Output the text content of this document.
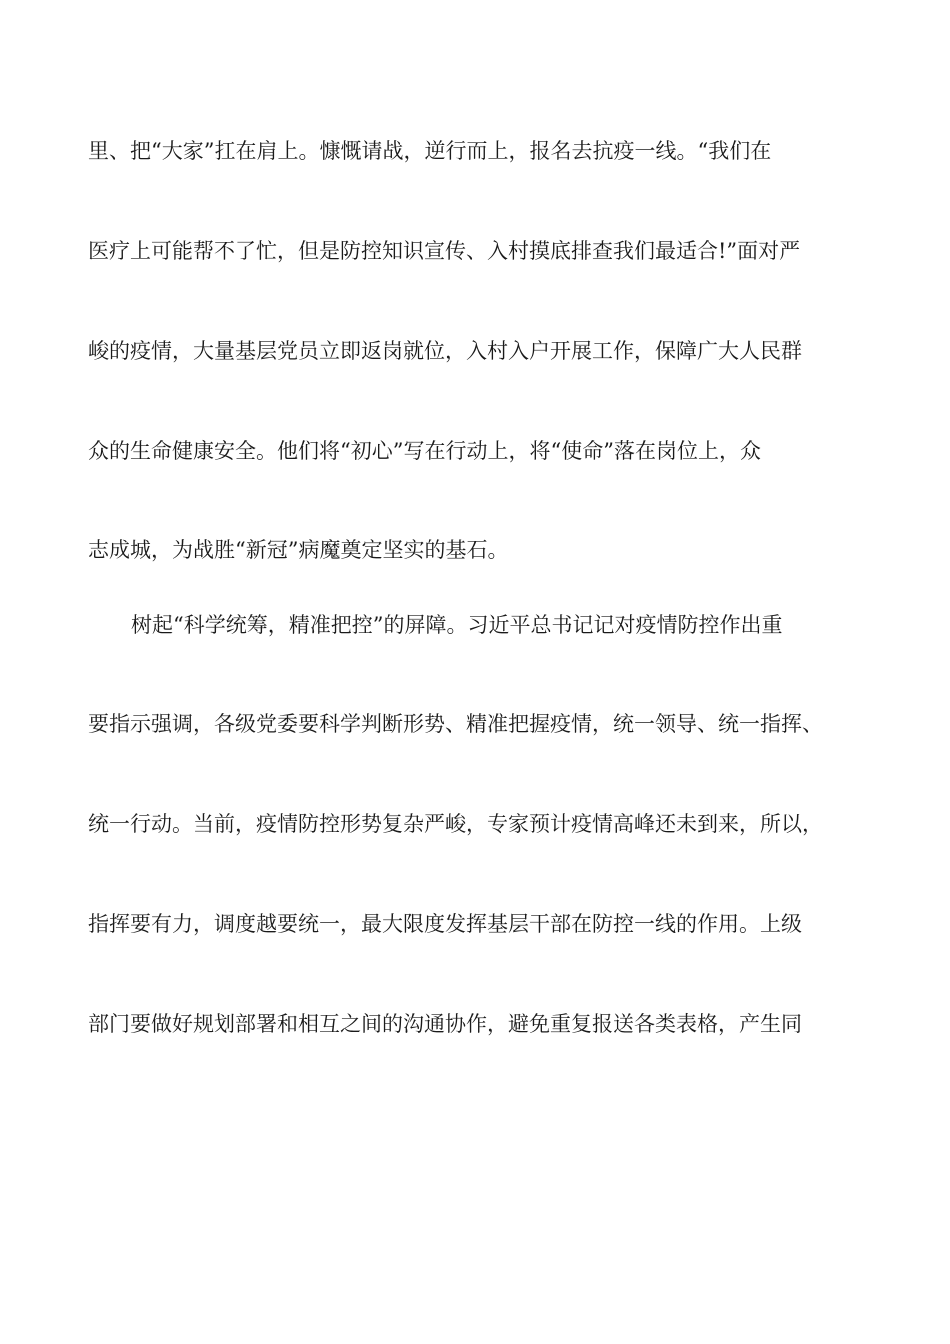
里、把“大家”扛在肩上。慷慨请战，逆行而上，报名去抗疫一线。“我们在
医疗上可能帮不了忙，但是防控知识宣传、入村摸底排查我们最适合!”面对严
峻的疫情，大量基层党员立即返岗就位，入村入户开展工作，保障广大人民群
众的生命健康安全。他们将“初心”写在行动上，将“使命”落在岗位上，众
志成城，为战胜“新冠”病魔奠定坚实的基石。
树起“科学统筹，精准把控”的屏障。习近平总书记记对疫情防控作出重
要指示强调，各级党委要科学判断形势、精准把握疫情，统一领导、统一指挥、
统一行动。当前，疫情防控形势复杂严峻，专家预计疫情高峰还未到来，所以，
指挥要有力，调度越要统一，最大限度发挥基层干部在防控一线的作用。上级
部门要做好规划部署和相互之间的沟通协作，避免重复报送各类表格，产生同
